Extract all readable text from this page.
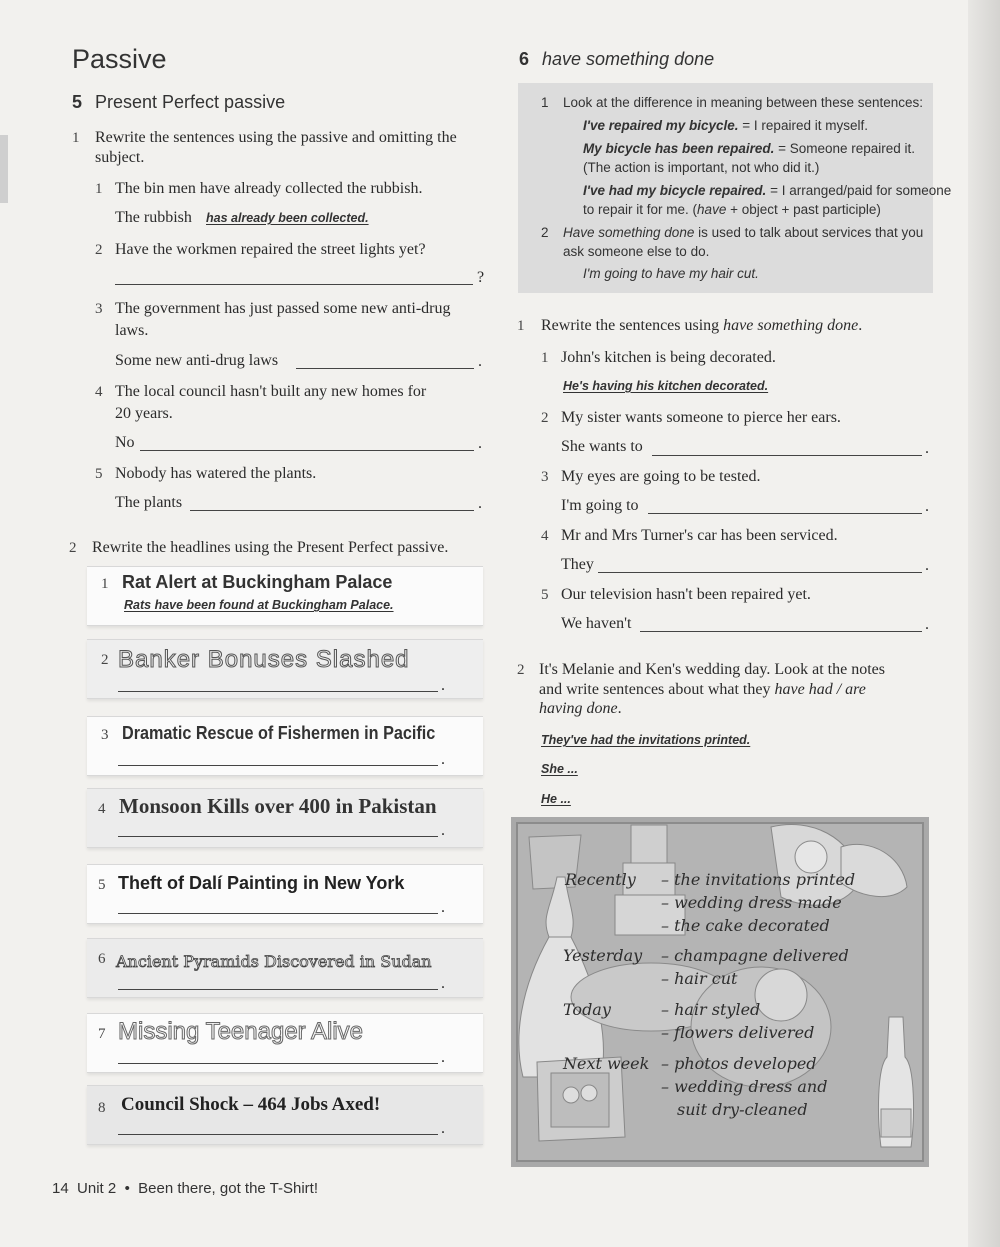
Passive
5 Present Perfect passive
1 Rewrite the sentences using the passive and omitting the subject.
1 The bin men have already collected the rubbish.
The rubbish has already been collected.
2 Have the workmen repaired the street lights yet?
?
3 The government has just passed some new anti-drug
laws.
Some new anti-drug laws	.
4 The local council hasn't built any new homes for
20 years.
No	.
5 Nobody has watered the plants.
The plants	.
2 Rewrite the headlines using the Present Perfect passive.
1 Rat Alert at Buckingham Palace
Rats have been found at Buckingham Palace.
2 Banker Bonuses Slashed
.
3 Dramatic Rescue of Fishermen in Pacific
.
4 Monsoon Kills over 400 in Pakistan
.
5 Theft of Dalí Painting in New York
.
6 Ancient Pyramids Discovered in Sudan
.
7 Missing Teenager Alive
.
8 Council Shock – 464 Jobs Axed!
.
14 Unit 2 • Been there, got the T-Shirt!
6 have something done
1 Look at the difference in meaning between these sentences:
I've repaired my bicycle. = I repaired it myself.
My bicycle has been repaired. = Someone repaired it.
(The action is important, not who did it.)
I've had my bicycle repaired. = I arranged/paid for someone
to repair it for me. (have + object + past participle)
2 Have something done is used to talk about services that you
ask someone else to do.
I'm going to have my hair cut.
1 Rewrite the sentences using have something done.
1 John's kitchen is being decorated.
He's having his kitchen decorated.
2 My sister wants someone to pierce her ears.
She wants to	.
3 My eyes are going to be tested.
I'm going to	.
4 Mr and Mrs Turner's car has been serviced.
They	.
5 Our television hasn't been repaired yet.
We haven't	.
2 It's Melanie and Ken's wedding day. Look at the notes
and write sentences about what they have had / are
having done.
They've had the invitations printed.
She ...
He ...
Recently – the invitations printed
– wedding dress made
– the cake decorated
Yesterday – champagne delivered
– hair cut
Today	– hair styled
– flowers delivered
Next week – photos developed
– wedding dress and
suit dry-cleaned
